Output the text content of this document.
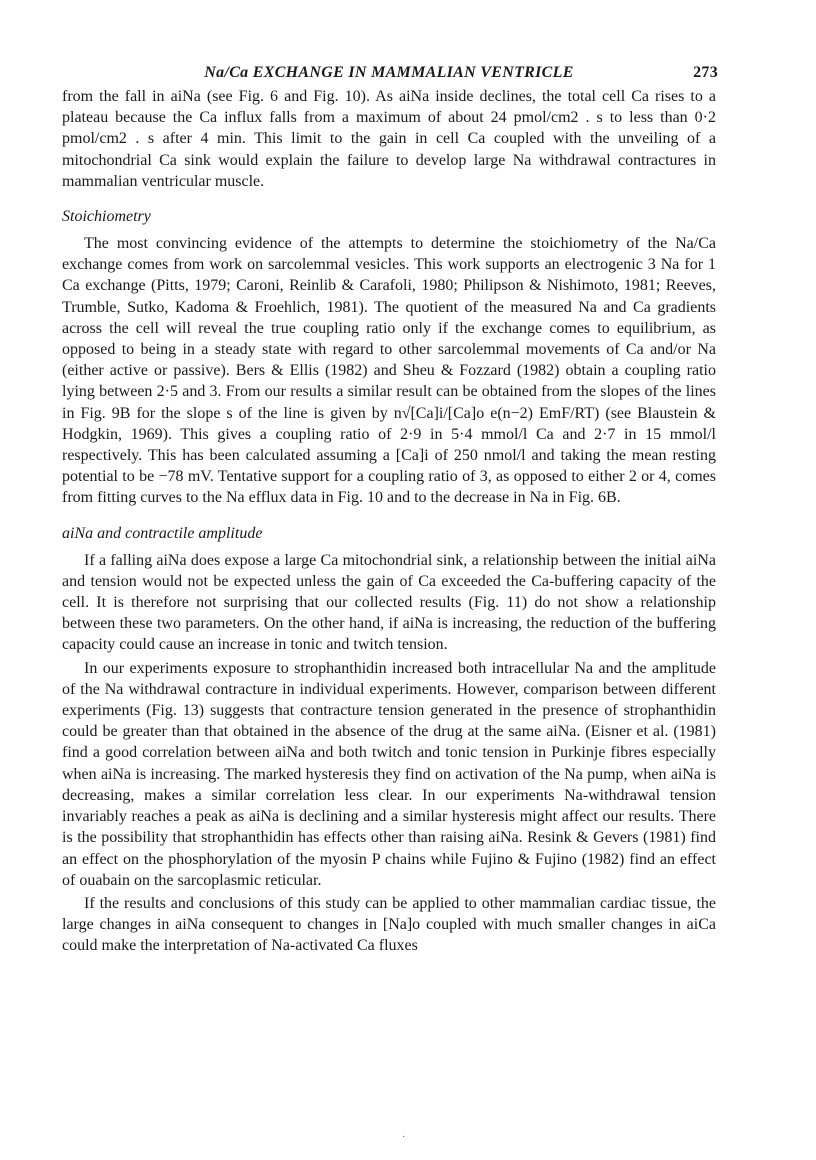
Na/Ca EXCHANGE IN MAMMALIAN VENTRICLE	273

from the fall in aiNa (see Fig. 6 and Fig. 10). As aiNa inside declines, the total cell Ca rises to a plateau because the Ca influx falls from a maximum of about 24 pmol/cm2 . s to less than 0·2 pmol/cm2 . s after 4 min. This limit to the gain in cell Ca coupled with the unveiling of a mitochondrial Ca sink would explain the failure to develop large Na withdrawal contractures in mammalian ventricular muscle.

Stoichiometry

The most convincing evidence of the attempts to determine the stoichiometry of the Na/Ca exchange comes from work on sarcolemmal vesicles. This work supports an electrogenic 3 Na for 1 Ca exchange (Pitts, 1979; Caroni, Reinlib & Carafoli, 1980; Philipson & Nishimoto, 1981; Reeves, Trumble, Sutko, Kadoma & Froehlich, 1981). The quotient of the measured Na and Ca gradients across the cell will reveal the true coupling ratio only if the exchange comes to equilibrium, as opposed to being in a steady state with regard to other sarcolemmal movements of Ca and/or Na (either active or passive). Bers & Ellis (1982) and Sheu & Fozzard (1982) obtain a coupling ratio lying between 2·5 and 3. From our results a similar result can be obtained from the slopes of the lines in Fig. 9B for the slope s of the line is given by n√[Ca]i/[Ca]o e(n−2) EmF/RT) (see Blaustein & Hodgkin, 1969). This gives a coupling ratio of 2·9 in 5·4 mmol/l Ca and 2·7 in 15 mmol/l respectively. This has been calculated assuming a [Ca]i of 250 nmol/l and taking the mean resting potential to be −78 mV. Tentative support for a coupling ratio of 3, as opposed to either 2 or 4, comes from fitting curves to the Na efflux data in Fig. 10 and to the decrease in Na in Fig. 6B.

aiNa and contractile amplitude

If a falling aiNa does expose a large Ca mitochondrial sink, a relationship between the initial aiNa and tension would not be expected unless the gain of Ca exceeded the Ca-buffering capacity of the cell. It is therefore not surprising that our collected results (Fig. 11) do not show a relationship between these two parameters. On the other hand, if aiNa is increasing, the reduction of the buffering capacity could cause an increase in tonic and twitch tension.

In our experiments exposure to strophanthidin increased both intracellular Na and the amplitude of the Na withdrawal contracture in individual experiments. However, comparison between different experiments (Fig. 13) suggests that contracture tension generated in the presence of strophanthidin could be greater than that obtained in the absence of the drug at the same aiNa. (Eisner et al. (1981) find a good correlation between aiNa and both twitch and tonic tension in Purkinje fibres especially when aiNa is increasing. The marked hysteresis they find on activation of the Na pump, when aiNa is decreasing, makes a similar correlation less clear. In our experiments Na-withdrawal tension invariably reaches a peak as aiNa is declining and a similar hysteresis might affect our results. There is the possibility that strophanthidin has effects other than raising aiNa. Resink & Gevers (1981) find an effect on the phosphorylation of the myosin P chains while Fujino & Fujino (1982) find an effect of ouabain on the sarcoplasmic reticular.

If the results and conclusions of this study can be applied to other mammalian cardiac tissue, the large changes in aiNa consequent to changes in [Na]o coupled with much smaller changes in aiCa could make the interpretation of Na-activated Ca fluxes

·
